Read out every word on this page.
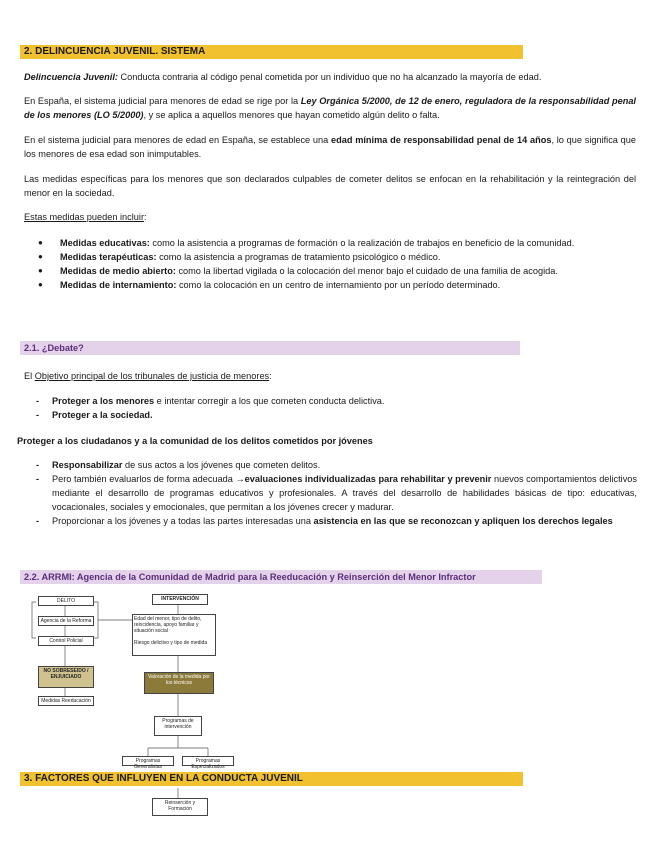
2. DELINCUENCIA JUVENIL. SISTEMA
Delincuencia Juvenil: Conducta contraria al código penal cometida por un individuo que no ha alcanzado la mayoría de edad.
En España, el sistema judicial para menores de edad se rige por la Ley Orgánica 5/2000, de 12 de enero, reguladora de la responsabilidad penal de los menores (LO 5/2000), y se aplica a aquellos menores que hayan cometido algún delito o falta.
En el sistema judicial para menores de edad en España, se establece una edad mínima de responsabilidad penal de 14 años, lo que significa que los menores de esa edad son inimputables.
Las medidas específicas para los menores que son declarados culpables de cometer delitos se enfocan en la rehabilitación y la reintegración del menor en la sociedad.
Estas medidas pueden incluir:
● Medidas educativas: como la asistencia a programas de formación o la realización de trabajos en beneficio de la comunidad.
● Medidas terapéuticas: como la asistencia a programas de tratamiento psicológico o médico.
● Medidas de medio abierto: como la libertad vigilada o la colocación del menor bajo el cuidado de una familia de acogida.
● Medidas de internamiento: como la colocación en un centro de internamiento por un período determinado.
2.1. ¿Debate?
El Objetivo principal de los tribunales de justicia de menores:
- Proteger a los menores e intentar corregir a los que cometen conducta delictiva.
- Proteger a la sociedad.
Proteger a los ciudadanos y a la comunidad de los delitos cometidos por jóvenes
- Responsabilizar de sus actos a los jóvenes que cometen delitos.
- Pero también evaluarlos de forma adecuada →evaluaciones individualizadas para rehabilitar y prevenir nuevos comportamientos delictivos mediante el desarrollo de programas educativos y profesionales. A través del desarrollo de habilidades básicas de tipo: educativas, vocacionales, sociales y emocionales, que permitan a los jóvenes crecer y madurar.
- Proporcionar a los jóvenes y a todas las partes interesadas una asistencia en las que se reconozcan y apliquen los derechos legales
2.2. ARRMI: Agencia de la Comunidad de Madrid para la Reeducación y Reinserción del Menor Infractor
DELITO
Agencia de la Reforma
Control Policial
NO SOBRESEIDO / ENJUICIADO
Medidas Reeducación
INTERVENCIÓN
Edad del menor, tipo de delito, reincidencia, apoyo familiar y situación social

Riesgo delictivo y tipo de medida
Valoración de la medida por los técnicos
Programas de intervención
Programas Generalistas
Programas Especializados
Reinserción y Formación
3. FACTORES QUE INFLUYEN EN LA CONDUCTA JUVENIL
